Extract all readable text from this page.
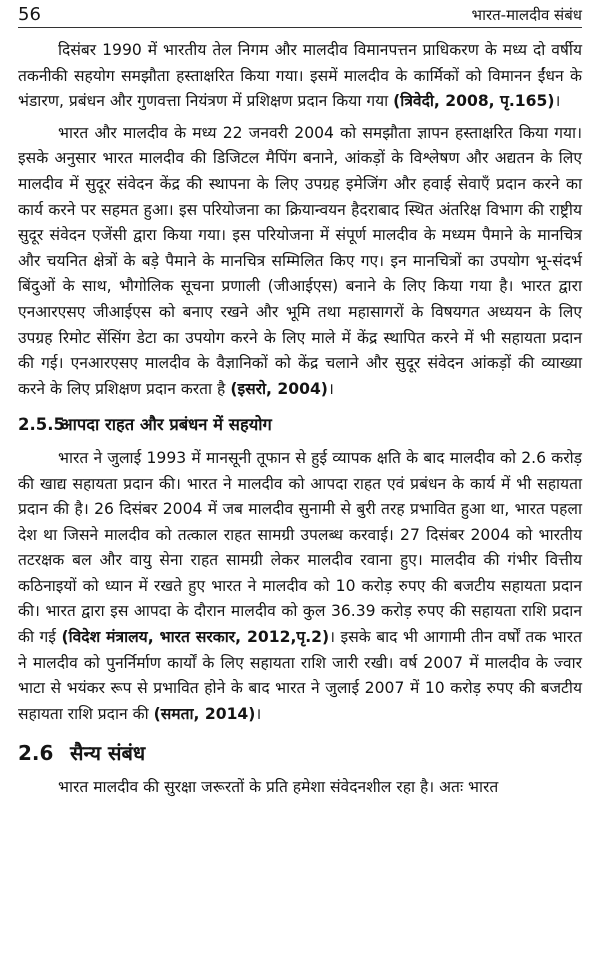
56	भारत-मालदीव संबंध

दिसंबर 1990 में भारतीय तेल निगम और मालदीव विमानपत्तन प्राधिकरण के मध्य दो वर्षीय तकनीकी सहयोग समझौता हस्ताक्षरित किया गया। इसमें मालदीव के कार्मिकों को विमानन ईंधन के भंडारण, प्रबंधन और गुणवत्ता नियंत्रण में प्रशिक्षण प्रदान किया गया (त्रिवेदी, 2008, पृ.165)।

भारत और मालदीव के मध्य 22 जनवरी 2004 को समझौता ज्ञापन हस्ताक्षरित किया गया। इसके अनुसार भारत मालदीव की डिजिटल मैपिंग बनाने, आंकड़ों के विश्लेषण और अद्यतन के लिए मालदीव में सुदूर संवेदन केंद्र की स्थापना के लिए उपग्रह इमेजिंग और हवाई सेवाएँ प्रदान करने का कार्य करने पर सहमत हुआ। इस परियोजना का क्रियान्वयन हैदराबाद स्थित अंतरिक्ष विभाग की राष्ट्रीय सुदूर संवेदन एजेंसी द्वारा किया गया। इस परियोजना में संपूर्ण मालदीव के मध्यम पैमाने के मानचित्र और चयनित क्षेत्रों के बड़े पैमाने के मानचित्र सम्मिलित किए गए। इन मानचित्रों का उपयोग भू-संदर्भ बिंदुओं के साथ, भौगोलिक सूचना प्रणाली (जीआईएस) बनाने के लिए किया गया है। भारत द्वारा एनआरएसए जीआईएस को बनाए रखने और भूमि तथा महासागरों के विषयगत अध्ययन के लिए उपग्रह रिमोट सेंसिंग डेटा का उपयोग करने के लिए माले में केंद्र स्थापित करने में भी सहायता प्रदान की गई। एनआरएसए मालदीव के वैज्ञानिकों को केंद्र चलाने और सुदूर संवेदन आंकड़ों की व्याख्या करने के लिए प्रशिक्षण प्रदान करता है (इसरो, 2004)।

2.5.5आपदा राहत और प्रबंधन में सहयोग

भारत ने जुलाई 1993 में मानसूनी तूफान से हुई व्यापक क्षति के बाद मालदीव को 2.6 करोड़ की खाद्य सहायता प्रदान की। भारत ने मालदीव को आपदा राहत एवं प्रबंधन के कार्य में भी सहायता प्रदान की है। 26 दिसंबर 2004 में जब मालदीव सुनामी से बुरी तरह प्रभावित हुआ था, भारत पहला देश था जिसने मालदीव को तत्काल राहत सामग्री उपलब्ध करवाई। 27 दिसंबर 2004 को भारतीय तटरक्षक बल और वायु सेना राहत सामग्री लेकर मालदीव रवाना हुए। मालदीव की गंभीर वित्तीय कठिनाइयों को ध्यान में रखते हुए भारत ने मालदीव को 10 करोड़ रुपए की बजटीय सहायता प्रदान की। भारत द्वारा इस आपदा के दौरान मालदीव को कुल 36.39 करोड़ रुपए की सहायता राशि प्रदान की गई (विदेश मंत्रालय, भारत सरकार, 2012,पृ.2)। इसके बाद भी आगामी तीन वर्षों तक भारत ने मालदीव को पुनर्निर्माण कार्यों के लिए सहायता राशि जारी रखी। वर्ष 2007 में मालदीव के ज्वार भाटा से भयंकर रूप से प्रभावित होने के बाद भारत ने जुलाई 2007 में 10 करोड़ रुपए की बजटीय सहायता राशि प्रदान की (समता, 2014)।

2.6 सैन्य संबंध

भारत मालदीव की सुरक्षा जरूरतों के प्रति हमेशा संवेदनशील रहा है। अतः भारत
